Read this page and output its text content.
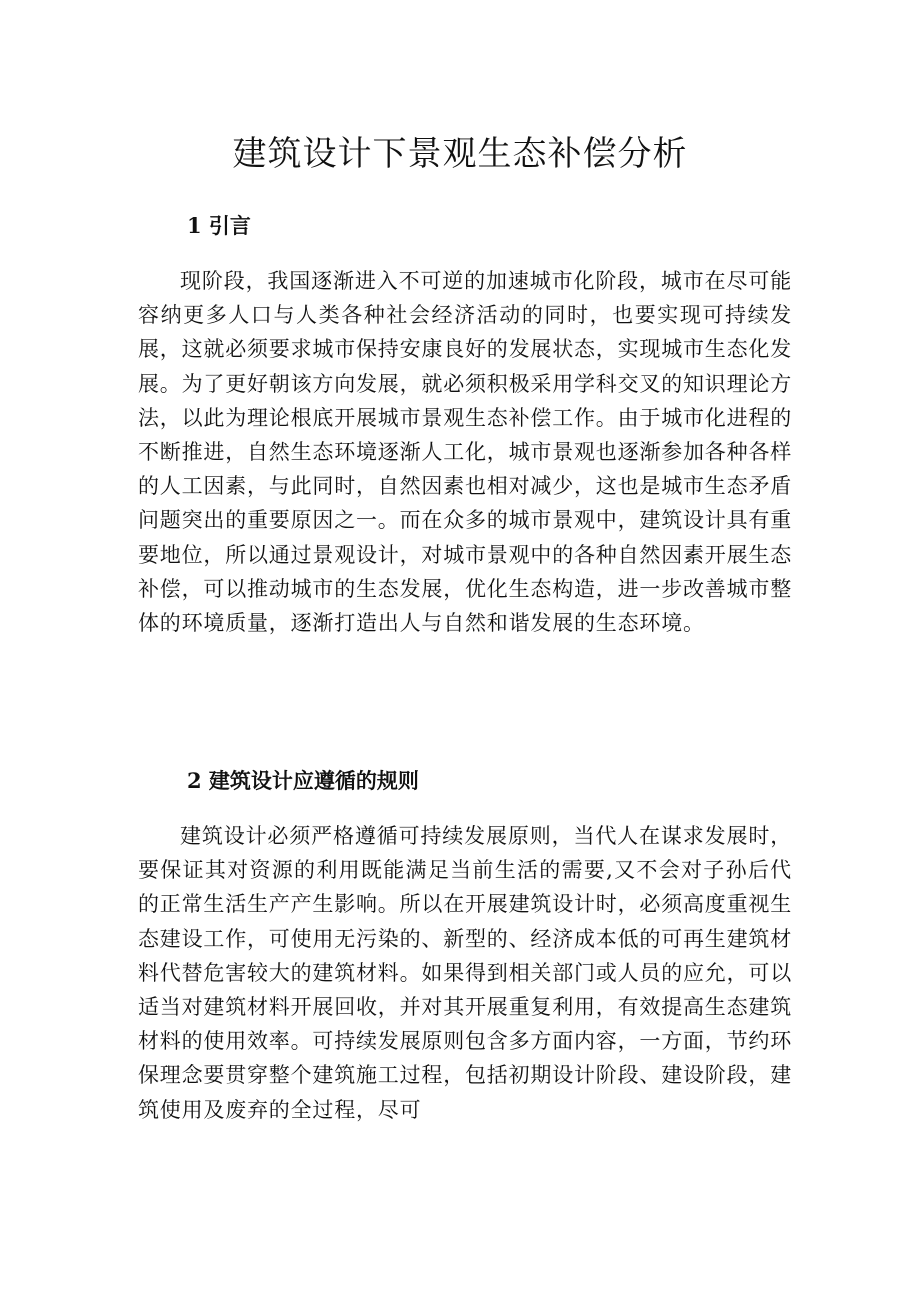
建筑设计下景观生态补偿分析
1 引言

现阶段，我国逐渐进入不可逆的加速城市化阶段，城市在尽可能容纳更多人口与人类各种社会经济活动的同时，也要实现可持续发展，这就必须要求城市保持安康良好的发展状态，实现城市生态化发展。为了更好朝该方向发展，就必须积极采用学科交叉的知识理论方法，以此为理论根底开展城市景观生态补偿工作。由于城市化进程的不断推进，自然生态环境逐渐人工化，城市景观也逐渐参加各种各样的人工因素，与此同时，自然因素也相对减少，这也是城市生态矛盾问题突出的重要原因之一。而在众多的城市景观中，建筑设计具有重要地位，所以通过景观设计，对城市景观中的各种自然因素开展生态补偿，可以推动城市的生态发展，优化生态构造，进一步改善城市整体的环境质量，逐渐打造出人与自然和谐发展的生态环境。

2 建筑设计应遵循的规则

建筑设计必须严格遵循可持续发展原则，当代人在谋求发展时，要保证其对资源的利用既能满足当前生活的需要,又不会对子孙后代的正常生活生产产生影响。所以在开展建筑设计时，必须高度重视生态建设工作，可使用无污染的、新型的、经济成本低的可再生建筑材料代替危害较大的建筑材料。如果得到相关部门或人员的应允，可以适当对建筑材料开展回收，并对其开展重复利用，有效提高生态建筑材料的使用效率。可持续发展原则包含多方面内容，一方面，节约环保理念要贯穿整个建筑施工过程，包括初期设计阶段、建设阶段，建筑使用及废弃的全过程，尽可
